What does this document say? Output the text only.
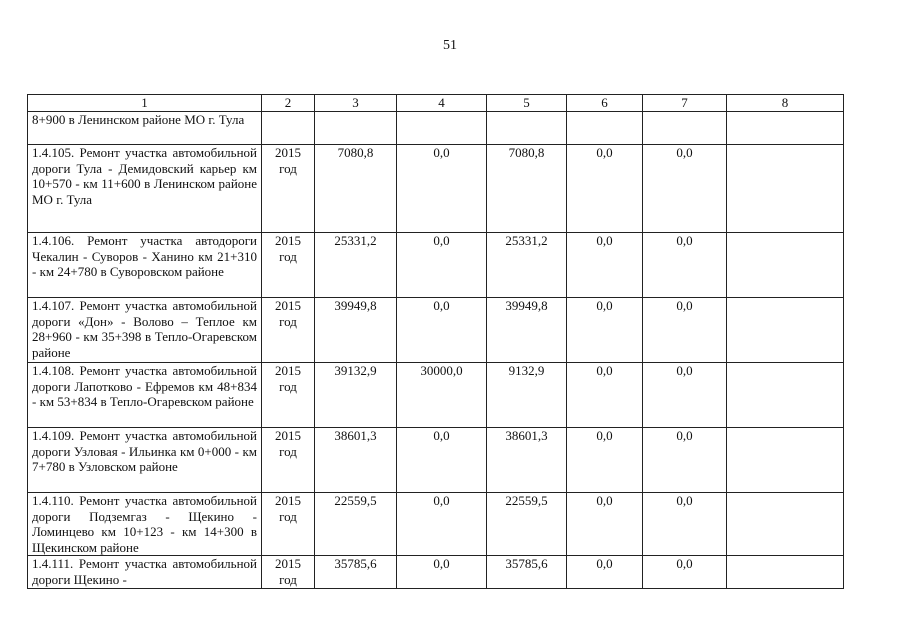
51
1	2	3	4	5	6	7	8
8+900 в Ленинском районе МО г. Тула							
1.4.105. Ремонт участка автомобильной дороги Тула - Демидовский карьер км 10+570 - км 11+600 в Ленинском районе МО г. Тула	2015 год	7080,8	0,0	7080,8	0,0	0,0	
1.4.106. Ремонт участка автодороги Чекалин - Суворов - Ханино км 21+310 - км 24+780 в Суворовском районе	2015 год	25331,2	0,0	25331,2	0,0	0,0	
1.4.107. Ремонт участка автомобильной дороги «Дон» - Волово – Теплое км 28+960 - км 35+398 в Тепло-Огаревском районе	2015 год	39949,8	0,0	39949,8	0,0	0,0	
1.4.108. Ремонт участка автомобильной дороги Лапотково - Ефремов км 48+834 - км 53+834 в Тепло-Огаревском районе	2015 год	39132,9	30000,0	9132,9	0,0	0,0	
1.4.109. Ремонт участка автомобильной дороги Узловая - Ильинка км 0+000 - км 7+780 в Узловском районе	2015 год	38601,3	0,0	38601,3	0,0	0,0	
1.4.110. Ремонт участка автомобильной дороги Подземгаз - Щекино - Ломинцево км 10+123 - км 14+300 в Щекинском районе	2015 год	22559,5	0,0	22559,5	0,0	0,0	
1.4.111. Ремонт участка автомобильной дороги Щекино -	2015 год	35785,6	0,0	35785,6	0,0	0,0	
